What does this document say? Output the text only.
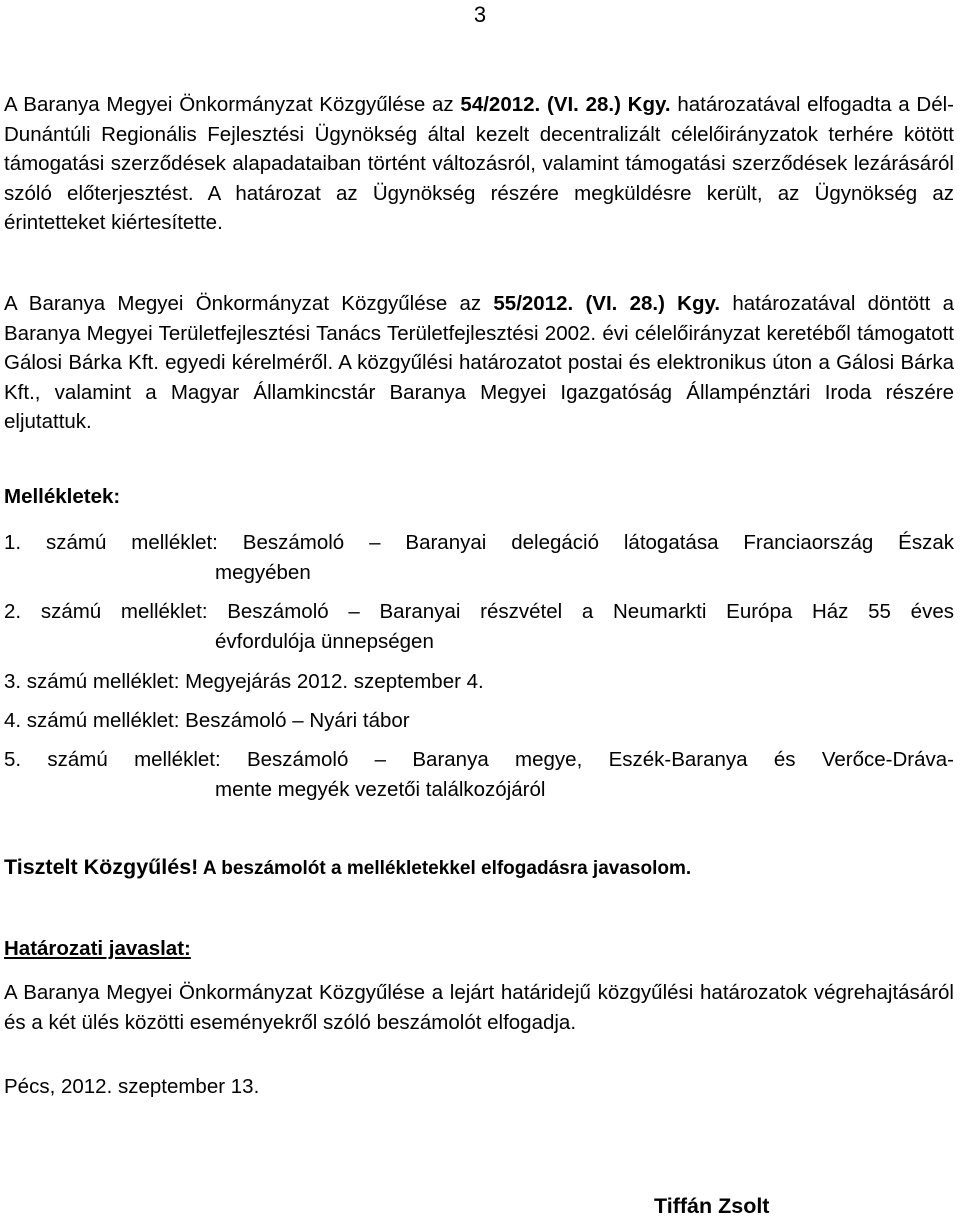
3
A Baranya Megyei Önkormányzat Közgyűlése az 54/2012. (VI. 28.) Kgy. határozatával elfogadta a Dél-Dunántúli Regionális Fejlesztési Ügynökség által kezelt decentralizált célelőirányzatok terhére kötött támogatási szerződések alapadataiban történt változásról, valamint támogatási szerződések lezárásáról szóló előterjesztést. A határozat az Ügynökség részére megküldésre került, az Ügynökség az érintetteket kiértesítette.
A Baranya Megyei Önkormányzat Közgyűlése az 55/2012. (VI. 28.) Kgy. határozatával döntött a Baranya Megyei Területfejlesztési Tanács Területfejlesztési 2002. évi célelőirányzat keretéből támogatott Gálosi Bárka Kft. egyedi kérelméről. A közgyűlési határozatot postai és elektronikus úton a Gálosi Bárka Kft., valamint a Magyar Államkincstár Baranya Megyei Igazgatóság Állampénztári Iroda részére eljutattuk.
Mellékletek:
1. számú melléklet: Beszámoló – Baranyai delegáció látogatása Franciaország Észak
megyében
2. számú melléklet: Beszámoló – Baranyai részvétel a Neumarkti Európa Ház 55 éves
évfordulója ünnepségen
3. számú melléklet: Megyejárás 2012. szeptember 4.
4. számú melléklet: Beszámoló – Nyári tábor
5. számú melléklet: Beszámoló – Baranya megye, Eszék-Baranya és Verőce-Dráva-
mente megyék vezetői találkozójáról
Tisztelt Közgyűlés! A beszámolót a mellékletekkel elfogadásra javasolom.
Határozati javaslat:
A Baranya Megyei Önkormányzat Közgyűlése a lejárt határidejű közgyűlési határozatok végrehajtásáról és a két ülés közötti eseményekről szóló beszámolót elfogadja.
Pécs, 2012. szeptember 13.
Tiffán Zsolt
